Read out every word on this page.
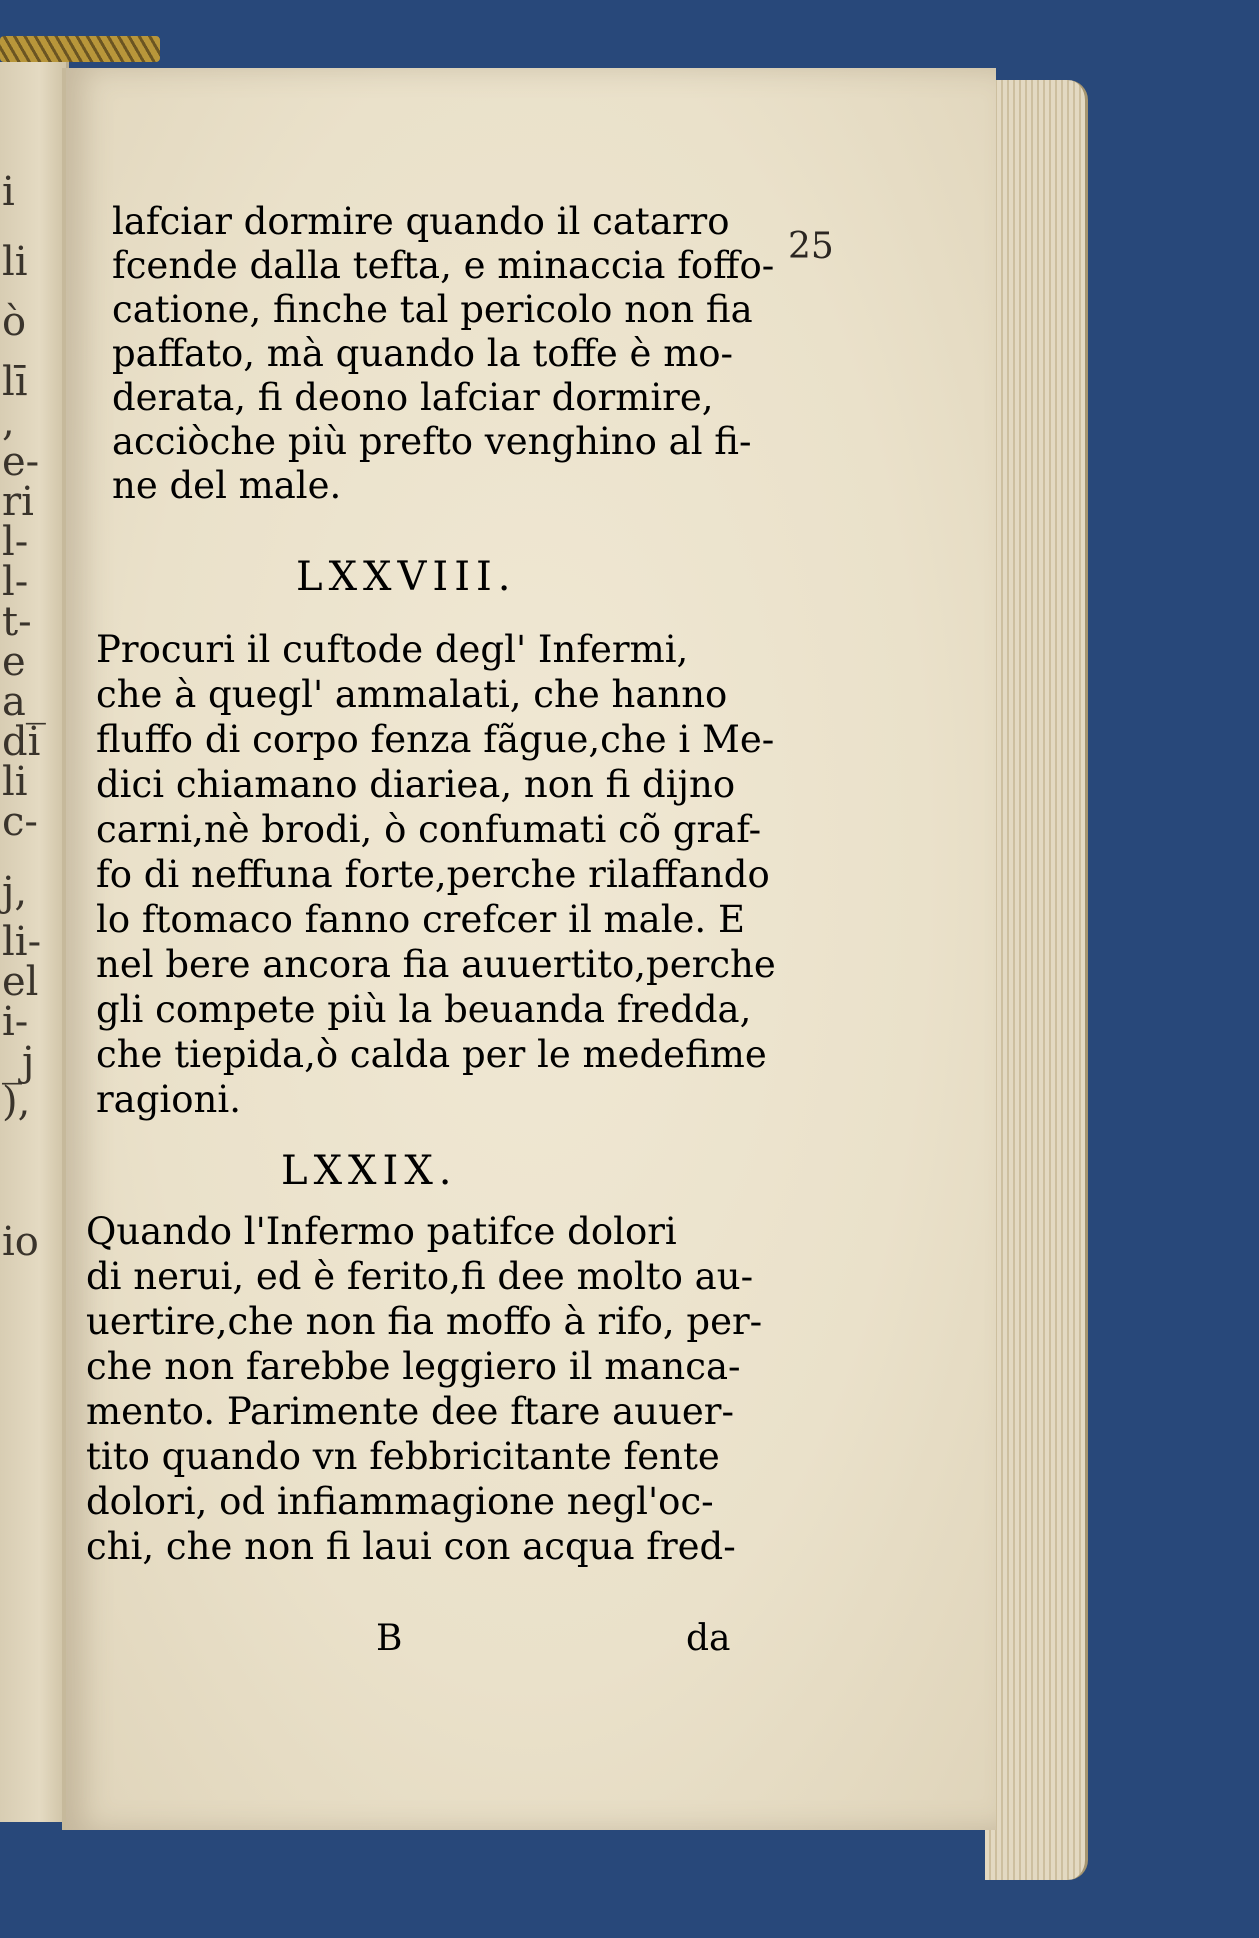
i
li
ò
lī
,
e-
ri
l-
l-
t-
e
a_
di
li
c-
j,
li-
el
i-
_j
),
io
25
lafciar dormire quando il catarro
fcende dalla tefta, e minaccia foffo-
catione, finche tal pericolo non fia
paffato, mà quando la toffe è mo-
derata, fi deono lafciar dormire,
acciòche più prefto venghino al fi-
ne del male.
LXXVIII.
Procuri il cuftode degl' Infermi,
che à quegl' ammalati, che hanno
fluffo di corpo fenza fãgue,che i Me-
dici chiamano diariea, non fi dijno
carni,nè brodi, ò confumati cõ graf-
fo di neffuna forte,perche rilaffando
lo ftomaco fanno crefcer il male. E
nel bere ancora fia auuertito,perche
gli compete più la beuanda fredda,
che tiepida,ò calda per le medefime
ragioni.
LXXIX.
Quando l'Infermo patifce dolori
di nerui, ed è ferito,fi dee molto au-
uertire,che non fia moffo à rifo, per-
che non farebbe leggiero il manca-
mento. Parimente dee ftare auuer-
tito quando vn febbricitante fente
dolori, od infiammagione negl'oc-
chi, che non fi laui con acqua fred-
B	da
